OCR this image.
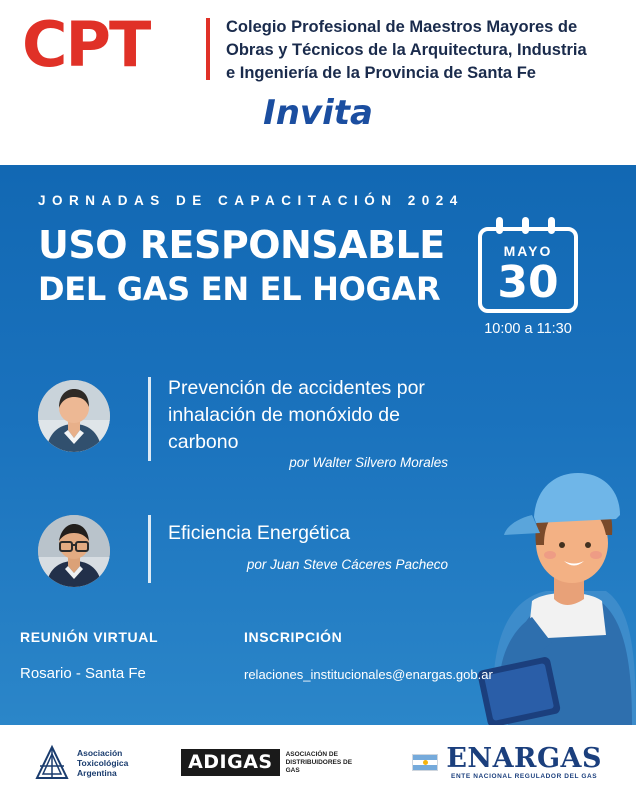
CPT	Colegio Profesional de Maestros Mayores de Obras y Técnicos de la Arquitectura, Industria e Ingeniería de la Provincia de Santa Fe
Invita
JORNADAS DE CAPACITACIÓN 2024
USO RESPONSABLE
DEL GAS EN EL HOGAR
MAYO
30
10:00 a 11:30
Prevención de accidentes por inhalación de monóxido de carbono
por Walter Silvero Morales
Eficiencia Energética
por Juan Steve Cáceres Pacheco
REUNIÓN VIRTUAL
Rosario - Santa Fe
INSCRIPCIÓN
relaciones_institucionales@enargas.gob.ar
Asociación
Toxicológica
Argentina	ADIGAS	ASOCIACIÓN DE DISTRIBUIDORES DE GAS	ENARGAS
ENTE NACIONAL REGULADOR DEL GAS
